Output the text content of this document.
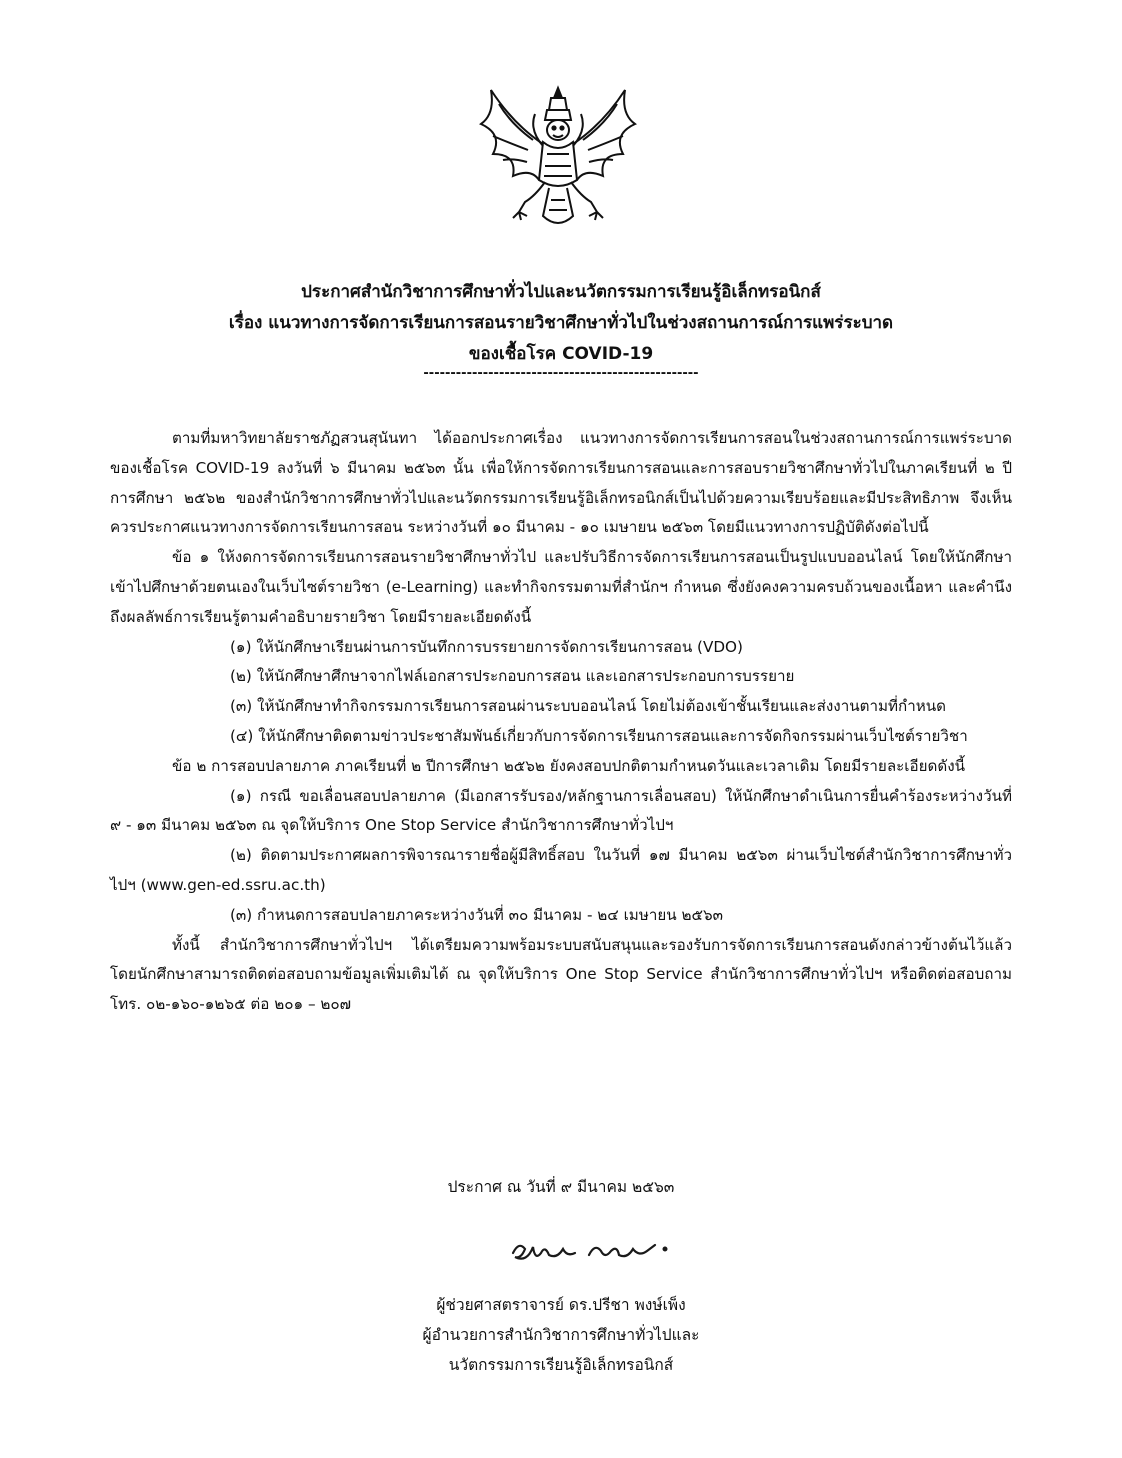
ประกาศสำนักวิชาการศึกษาทั่วไปและนวัตกรรมการเรียนรู้อิเล็กทรอนิกส์
เรื่อง แนวทางการจัดการเรียนการสอนรายวิชาศึกษาทั่วไปในช่วงสถานการณ์การแพร่ระบาด
ของเชื้อโรค COVID-19
---------------------------------------------------

ตามที่มหาวิทยาลัยราชภัฏสวนสุนันทา ได้ออกประกาศเรื่อง แนวทางการจัดการเรียนการสอนในช่วงสถานการณ์การแพร่ระบาดของเชื้อโรค COVID-19 ลงวันที่ ๖ มีนาคม ๒๕๖๓ นั้น เพื่อให้การจัดการเรียนการสอนและการสอบรายวิชาศึกษาทั่วไปในภาคเรียนที่ ๒ ปีการศึกษา ๒๕๖๒ ของสำนักวิชาการศึกษาทั่วไปและนวัตกรรมการเรียนรู้อิเล็กทรอนิกส์เป็นไปด้วยความเรียบร้อยและมีประสิทธิภาพ จึงเห็นควรประกาศแนวทางการจัดการเรียนการสอน ระหว่างวันที่ ๑๐ มีนาคม - ๑๐ เมษายน ๒๕๖๓ โดยมีแนวทางการปฏิบัติดังต่อไปนี้

ข้อ ๑ ให้งดการจัดการเรียนการสอนรายวิชาศึกษาทั่วไป และปรับวิธีการจัดการเรียนการสอนเป็นรูปแบบออนไลน์ โดยให้นักศึกษาเข้าไปศึกษาด้วยตนเองในเว็บไซต์รายวิชา (e-Learning) และทำกิจกรรมตามที่สำนักฯ กำหนด ซึ่งยังคงความครบถ้วนของเนื้อหา และคำนึงถึงผลลัพธ์การเรียนรู้ตามคำอธิบายรายวิชา โดยมีรายละเอียดดังนี้

(๑) ให้นักศึกษาเรียนผ่านการบันทึกการบรรยายการจัดการเรียนการสอน (VDO)

(๒) ให้นักศึกษาศึกษาจากไฟล์เอกสารประกอบการสอน และเอกสารประกอบการบรรยาย

(๓) ให้นักศึกษาทำกิจกรรมการเรียนการสอนผ่านระบบออนไลน์ โดยไม่ต้องเข้าชั้นเรียนและส่งงานตามที่กำหนด

(๔) ให้นักศึกษาติดตามข่าวประชาสัมพันธ์เกี่ยวกับการจัดการเรียนการสอนและการจัดกิจกรรมผ่านเว็บไซต์รายวิชา

ข้อ ๒ การสอบปลายภาค ภาคเรียนที่ ๒ ปีการศึกษา ๒๕๖๒ ยังคงสอบปกติตามกำหนดวันและเวลาเดิม โดยมีรายละเอียดดังนี้

(๑) กรณี ขอเลื่อนสอบปลายภาค (มีเอกสารรับรอง/หลักฐานการเลื่อนสอบ) ให้นักศึกษาดำเนินการยื่นคำร้องระหว่างวันที่ ๙ - ๑๓ มีนาคม ๒๕๖๓ ณ จุดให้บริการ One Stop Service สำนักวิชาการศึกษาทั่วไปฯ

(๒) ติดตามประกาศผลการพิจารณารายชื่อผู้มีสิทธิ์สอบ ในวันที่ ๑๗ มีนาคม ๒๕๖๓ ผ่านเว็บไซต์สำนักวิชาการศึกษาทั่วไปฯ (www.gen-ed.ssru.ac.th)

(๓) กำหนดการสอบปลายภาคระหว่างวันที่ ๓๐ มีนาคม - ๒๔ เมษายน ๒๕๖๓

ทั้งนี้ สำนักวิชาการศึกษาทั่วไปฯ ได้เตรียมความพร้อมระบบสนับสนุนและรองรับการจัดการเรียนการสอนดังกล่าวข้างต้นไว้แล้ว โดยนักศึกษาสามารถติดต่อสอบถามข้อมูลเพิ่มเติมได้ ณ จุดให้บริการ One Stop Service สำนักวิชาการศึกษาทั่วไปฯ หรือติดต่อสอบถาม โทร. ๐๒-๑๖๐-๑๒๖๕ ต่อ ๒๐๑ – ๒๐๗

ประกาศ ณ วันที่ ๙ มีนาคม ๒๕๖๓
ผู้ช่วยศาสตราจารย์ ดร.ปรีชา พงษ์เพ็ง
ผู้อำนวยการสำนักวิชาการศึกษาทั่วไปและ
นวัตกรรมการเรียนรู้อิเล็กทรอนิกส์
